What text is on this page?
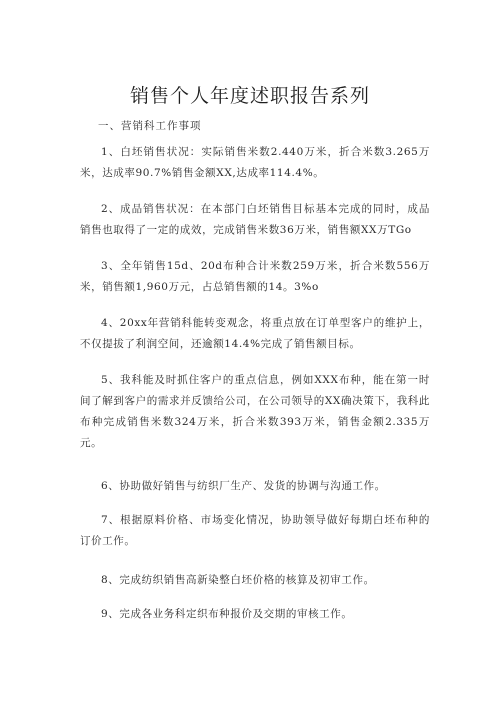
销售个人年度述职报告系列
一、营销科工作事项

1、白坯销售状况：实际销售米数2.440万米，折合米数3.265万米，达成率90.7%销售金额XX,达成率114.4%。

2、成品销售状况：在本部门白坯销售目标基本完成的同时，成品销售也取得了一定的成效，完成销售米数36万米，销售额XX万TGo

3、全年销售15d、20d布种合计米数259万米，折合米数556万米，销售额1,960万元，占总销售额的14。3%o

4、20xx年营销科能转变观念，将重点放在订单型客户的维护上，不仅提拔了利润空间，还逾额14.4%完成了销售额目标。

5、我科能及时抓住客户的重点信息，例如XXX布种，能在第一时间了解到客户的需求并反馈给公司，在公司领导的XX确决策下，我科此布种完成销售米数324万米，折合米数393万米，销售金额2.335万元。

6、协助做好销售与纺织厂生产、发货的协调与沟通工作。

7、根据原料价格、市场变化情况，协助领导做好每期白坯布种的订价工作。

8、完成纺织销售高新染整白坯价格的核算及初审工作。

9、完成各业务科定织布种报价及交期的审核工作。
